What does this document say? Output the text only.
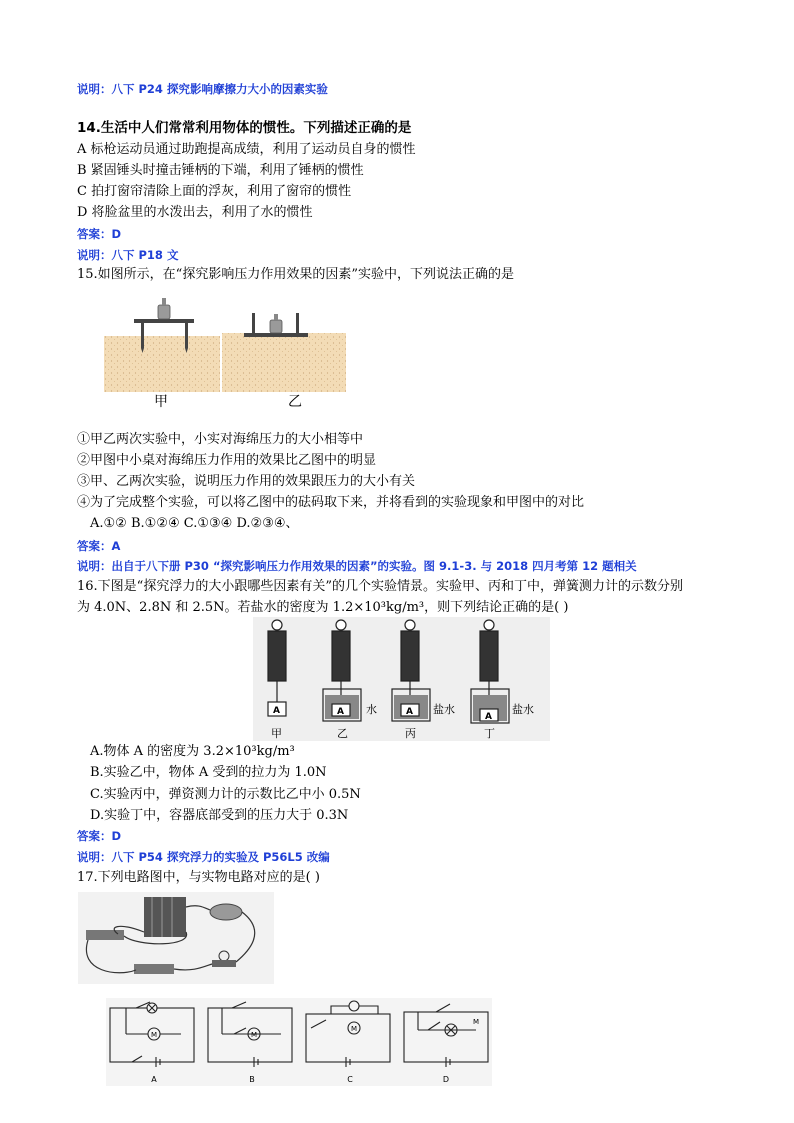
说明：八下 P24 探究影响摩擦力大小的因素实验
14.生活中人们常常利用物体的惯性。下列描述正确的是
A 标枪运动员通过助跑提高成绩，利用了运动员自身的惯性
B 紧固锤头时撞击锤柄的下端，利用了锤柄的惯性
C 拍打窗帘清除上面的浮灰，利用了窗帘的惯性
D 将脸盆里的水泼出去，利用了水的惯性
答案：D
说明：八下 P18 文
15.如图所示，在“探究影响压力作用效果的因素”实验中，下列说法正确的是
甲	乙
①甲乙两次实验中，小实对海绵压力的大小相等中
②甲图中小桌对海绵压力作用的效果比乙图中的明显
③甲、乙两次实验，说明压力作用的效果跟压力的大小有关
④为了完成整个实验，可以将乙图中的砝码取下来，并将看到的实验现象和甲图中的对比
A.①② B.①②④ C.①③④ D.②③④、
答案：A
说明：出自于八下册 P30 “探究影响压力作用效果的因素”的实验。图 9.1-3. 与 2018 四月考第 12 题相关
16.下图是“探究浮力的大小跟哪些因素有关”的几个实验情景。实验甲、丙和丁中，弹簧测力计的示数分别
为 4.0N、2.8N 和 2.5N。若盐水的密度为 1.2×10³kg/m³，则下列结论正确的是( )
A	A	A	A
水	盐水	盐水
甲	乙	丙	丁
A.物体 A 的密度为 3.2×10³kg/m³
B.实验乙中，物体 A 受到的拉力为 1.0N
C.实验丙中，弹资测力计的示数比乙中小 0.5N
D.实验丁中，容器底部受到的压力大于 0.3N
答案：D
说明：八下 P54 探究浮力的实验及 P56L5 改编
17.下列电路图中，与实物电路对应的是( )
M	M
M
M
A	B	C	D
